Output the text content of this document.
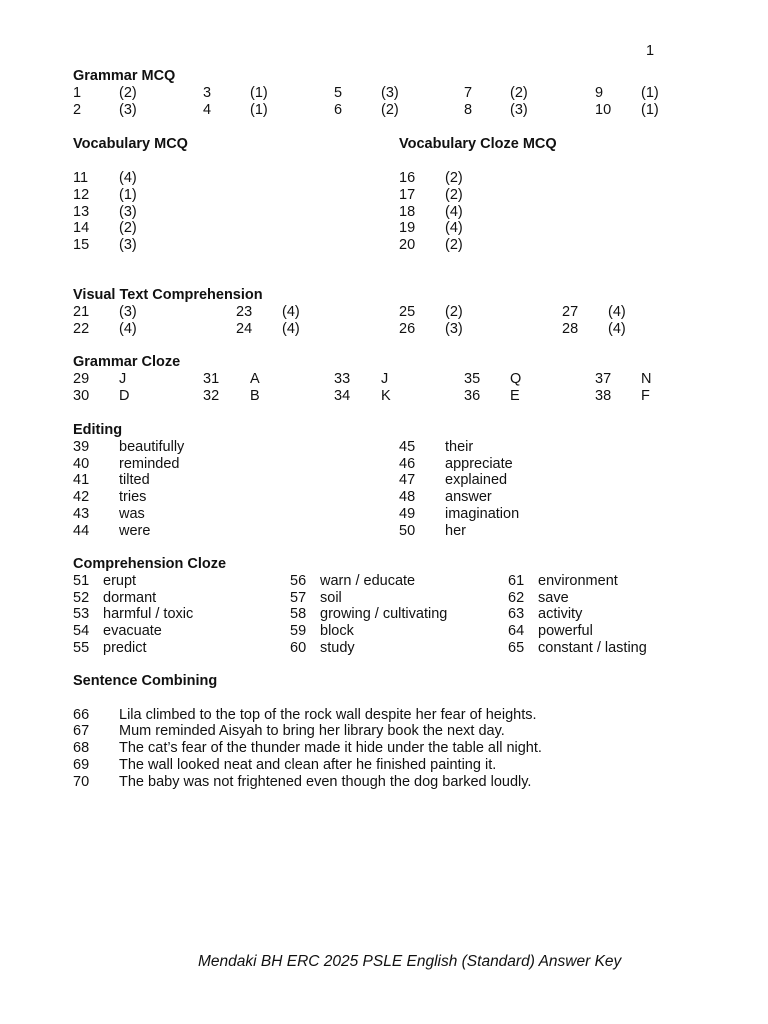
1
Grammar MCQ
1	(2)	3	(1)	5	(3)	7	(2)	9	(1)
2	(3)	4	(1)	6	(2)	8	(3)	10 (1)
Vocabulary MCQ	Vocabulary Cloze MCQ
11 (4)
12 (1)
13 (3)
14 (2)
15 (3)
16 (2)
17 (2)
18 (4)
19 (4)
20 (2)
Visual Text Comprehension
21 (3)	23 (4)	25 (2)	27 (4)
22 (4)	24 (4)	26 (3)	28 (4)
Grammar Cloze
29 J	31 A	33 J	35 Q	37 N
30 D	32 B	34 K	36 E	38 F
Editing
39 beautifully
40 reminded
41 tilted
42 tries
43 was
44 were
45 their
46 appreciate
47 explained
48 answer
49 imagination
50 her
Comprehension Cloze
51 erupt
52 dormant
53 harmful / toxic
54 evacuate
55 predict
56 warn / educate
57 soil
58 growing / cultivating
59 block
60 study
61 environment
62 save
63 activity
64 powerful
65 constant / lasting
Sentence Combining
66 Lila climbed to the top of the rock wall despite her fear of heights.
67 Mum reminded Aisyah to bring her library book the next day.
68 The cat’s fear of the thunder made it hide under the table all night.
69 The wall looked neat and clean after he finished painting it.
70 The baby was not frightened even though the dog barked loudly.
Mendaki BH ERC 2025 PSLE English (Standard) Answer Key
